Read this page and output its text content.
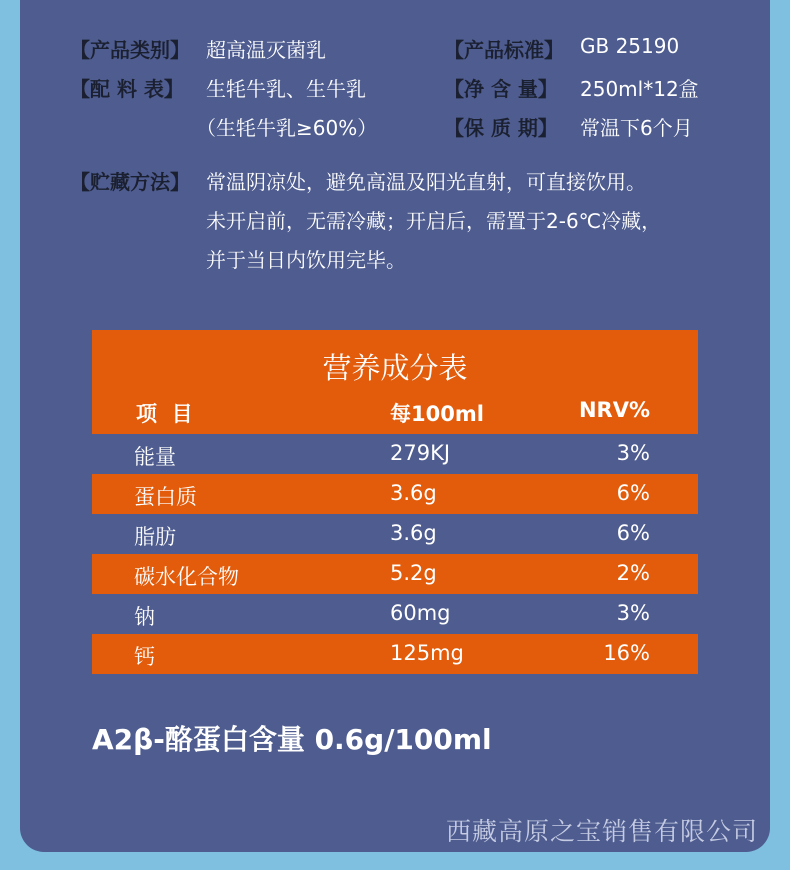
【产品类别】 超高温灭菌乳	【产品标准】 GB 25190
【配 料 表】 生牦牛乳、生牛乳	【净 含 量】 250ml*12盒
（生牦牛乳≥60%）	【保 质 期】 常温下6个月
【贮藏方法】 常温阴凉处，避免高温及阳光直射，可直接饮用。
未开启前，无需冷藏；开启后，需置于2-6℃冷藏，
并于当日内饮用完毕。
营养成分表
项  目	每100ml	NRV%
能量	279KJ	3%
蛋白质	3.6g	6%
脂肪	3.6g	6%
碳水化合物	5.2g	2%
钠	60mg	3%
钙	125mg	16%
A2β-酪蛋白含量 0.6g/100ml
西藏高原之宝销售有限公司
